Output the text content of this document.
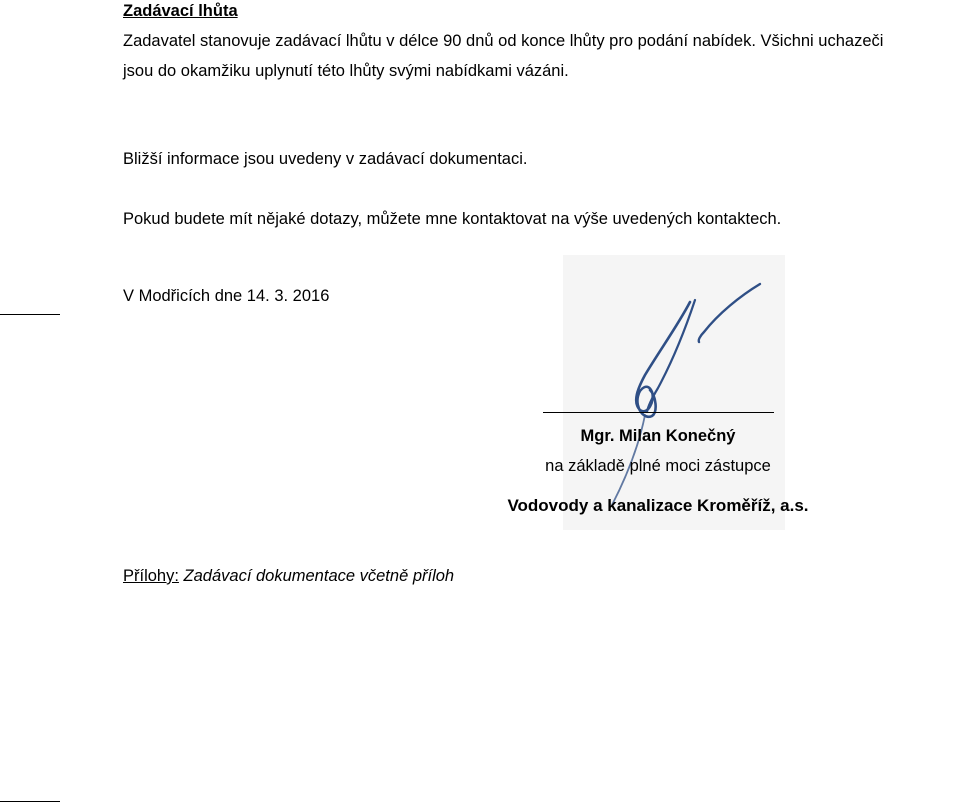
Zadávací lhůta
Zadavatel stanovuje zadávací lhůtu v délce 90 dnů od konce lhůty pro podání nabídek. Všichni uchazeči
jsou do okamžiku uplynutí této lhůty svými nabídkami vázáni.
Bližší informace jsou uvedeny v zadávací dokumentaci.
Pokud budete mít nějaké dotazy, můžete mne kontaktovat na výše uvedených kontaktech.
V Modřicích dne 14. 3. 2016
Mgr. Milan Konečný
na základě plné moci zástupce
Vodovody a kanalizace Kroměříž, a.s.
Přílohy: Zadávací dokumentace včetně příloh
